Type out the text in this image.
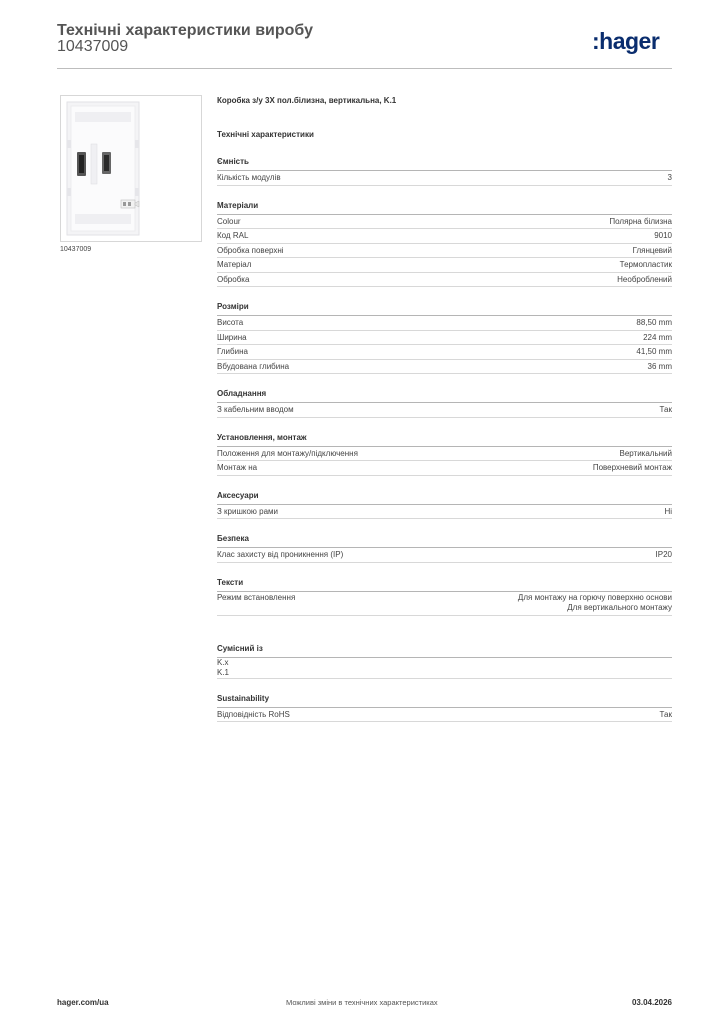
Технічні характеристики виробу
10437009	:hager
10437009
Коробка з/у 3X пол.білизна, вертикальна, K.1
Технічні характеристики
Ємність
Кількість модулів	3
Матеріали
Colour	Полярна білизна
Код RAL	9010
Обробка поверхні	Глянцевий
Матеріал	Термопластик
Обробка	Необроблений
Розміри
Висота	88,50 mm
Ширина	224 mm
Глибина	41,50 mm
Вбудована глибина	36 mm
Обладнання
З кабельним вводом	Так
Установлення, монтаж
Положення для монтажу/підключення	Вертикальний
Монтаж на	Поверхневий монтаж
Аксесуари
З кришкою рами	Ні
Безпека
Клас захисту від проникнення (IP)	IP20
Тексти
Режим встановлення	Для монтажу на горючу поверхню основи
Для вертикального монтажу
Сумісний із
K.x
K.1
Sustainability
Відповідність RoHS	Так
hager.com/ua	Можливі зміни в технічних характеристиках	03.04.2026
